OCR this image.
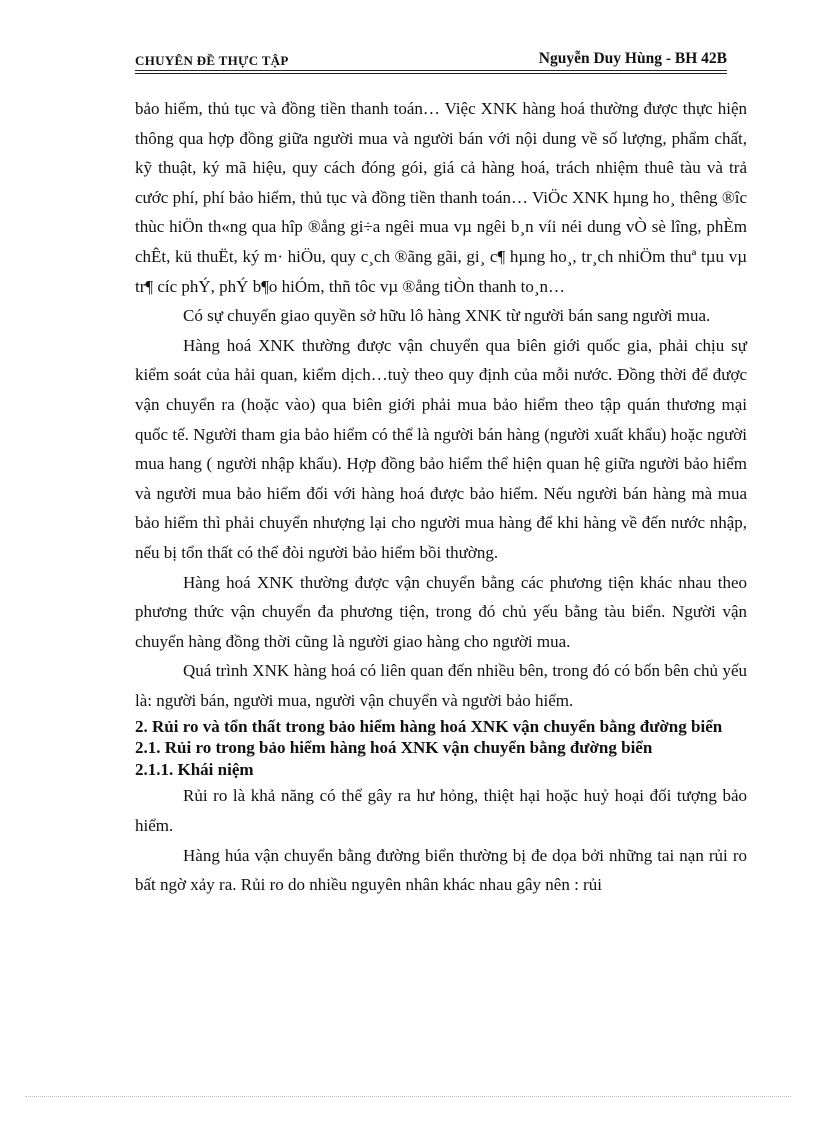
CHUYÊN ĐỀ THỰC TẬP	Nguyễn Duy Hùng - BH 42B

bảo hiểm, thủ tục và đồng tiền thanh toán… Việc XNK hàng hoá thường được thực hiện thông qua hợp đồng giữa người mua và người bán với nội dung về số lượng, phẩm chất, kỹ thuật, ký mã hiệu, quy cách đóng gói, giá cả hàng hoá, trách nhiệm thuê tàu và trả cước phí, phí bảo hiểm, thủ tục và đồng tiền thanh toán… ViÖc XNK hµng ho¸ thêng ®îc thùc hiÖn th«ng qua hîp ®ång gi÷a ngêi mua vµ ngêi b¸n víi néi dung vÒ sè lîng, phÈm chÊt, kü thuËt, ký m· hiÖu, quy c¸ch ®ãng gãi, gi¸ c¶ hµng ho¸, tr¸ch nhiÖm thuª tµu vµ tr¶ cíc phÝ, phÝ b¶o hiÓm, thñ tôc vµ ®ång tiÒn thanh to¸n…

Có sự chuyển giao quyền sở hữu lô hàng XNK từ người bán sang người mua.

Hàng hoá XNK thường được vận chuyển qua biên giới quốc gia, phải chịu sự kiểm soát của hải quan, kiểm dịch…tuỳ theo quy định của mỗi nước. Đồng thời để được vận chuyển ra (hoặc vào) qua biên giới phải mua bảo hiểm theo tập quán thương mại quốc tế. Người tham gia bảo hiểm có thể là người bán hàng (người xuất khẩu) hoặc người mua hang ( người nhập khẩu). Hợp đồng bảo hiểm thể hiện quan hệ giữa người bảo hiểm và người mua bảo hiểm đối với hàng hoá được bảo hiểm. Nếu người bán hàng mà mua bảo hiểm thì phải chuyển nhượng lại cho người mua hàng để khi hàng về đến nước nhập, nếu bị tổn thất có thể đòi người bảo hiểm bồi thường.

Hàng hoá XNK thường được vận chuyển bằng các phương tiện khác nhau theo phương thức vận chuyển đa phương tiện, trong đó chủ yếu bằng tàu biển. Người vận chuyển hàng đồng thời cũng là người giao hàng cho người mua.

Quá trình XNK hàng hoá có liên quan đến nhiều bên, trong đó có bốn bên chủ yếu là: người bán, người mua, người vận chuyển và người bảo hiểm.

2. Rủi ro và tổn thất trong bảo hiểm hàng hoá XNK vận chuyển bằng đường biển
2.1. Rủi ro trong bảo hiểm hàng hoá XNK vận chuyển bằng đường biển
2.1.1. Khái niệm

Rủi ro là khả năng có thể gây ra hư hỏng, thiệt hại hoặc huỷ hoại đối tượng bảo hiểm.

Hàng húa vận chuyển bằng đường biển thường bị đe dọa bởi những tai nạn rủi ro bất ngờ xảy ra. Rủi ro do nhiều nguyên nhân khác nhau gây nên : rủi
